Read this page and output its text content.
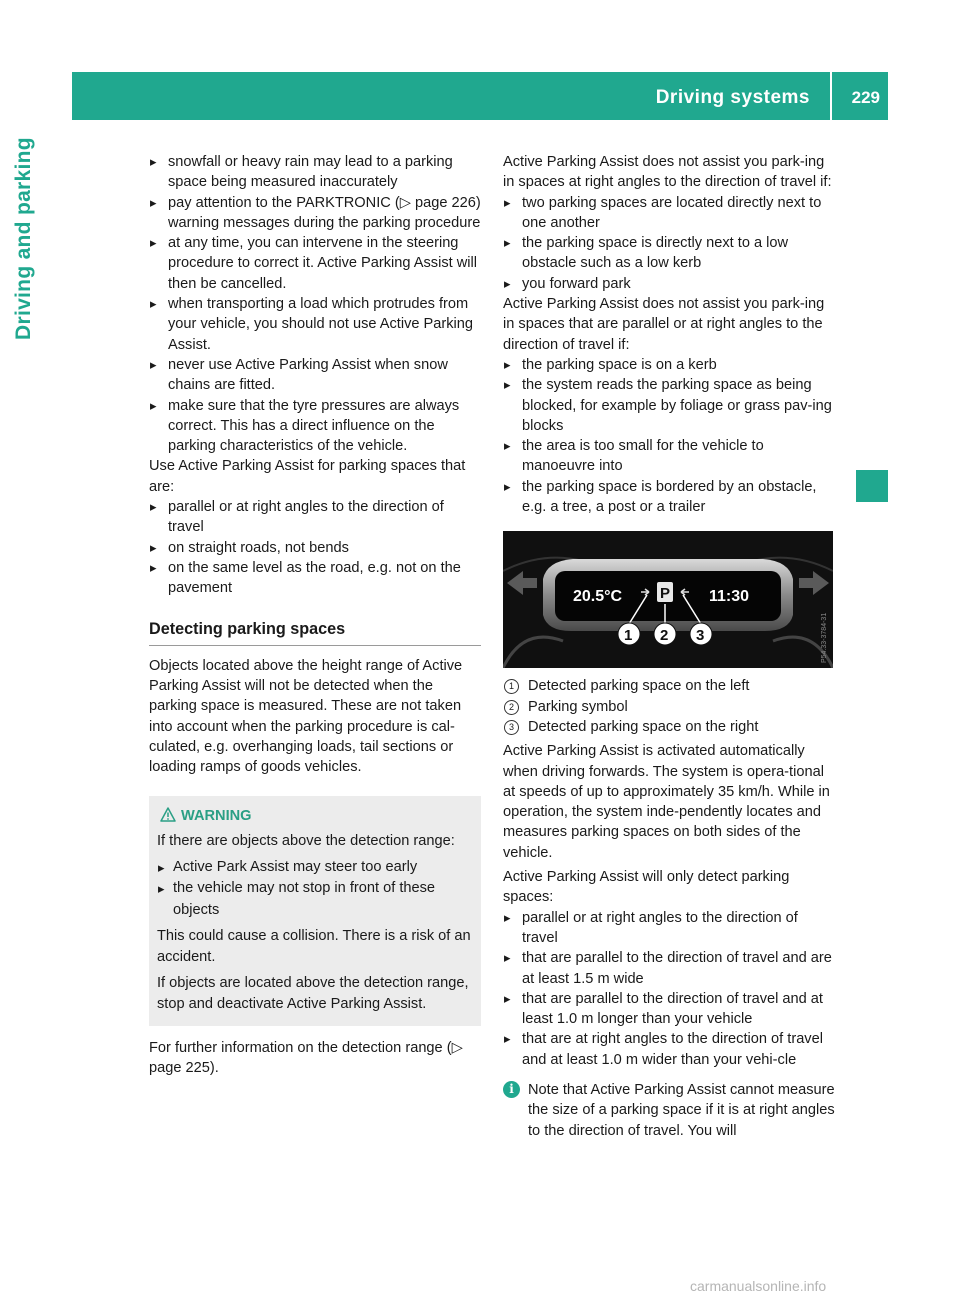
Driving systems 229
Driving and parking
▸	snowfall or heavy rain may lead to a parking space being measured inaccurately
▸ pay attention to the PARKTRONIC (▷ page 226) warning messages during the parking procedure
▸ at any time, you can intervene in the steering procedure to correct it. Active Parking Assist will then be cancelled.
▸ when transporting a load which protrudes from your vehicle, you should not use Active Parking Assist.
▸ never use Active Parking Assist when snow chains are fitted.
▸ make sure that the tyre pressures are always correct. This has a direct influence on the parking characteristics of the vehicle.

Use Active Parking Assist for parking spaces that are:

▸ parallel or at right angles to the direction of travel
▸ on straight roads, not bends
▸ on the same level as the road, e.g. not on the pavement
Detecting parking spaces

Objects located above the height range of Active Parking Assist will not be detected when the parking space is measured. These are not taken into account when the parking procedure is cal-culated, e.g. overhanging loads, tail sections or loading ramps of goods vehicles.

WARNING

If there are objects above the detection range:

▸ Active Park Assist may steer too early
▸ the vehicle may not stop in front of these objects

This could cause a collision. There is a risk of an accident.

If objects are located above the detection range, stop and deactivate Active Parking Assist.

For further information on the detection range (▷ page 225).

Active Parking Assist does not assist you park-ing in spaces at right angles to the direction of travel if:

▸ two parking spaces are located directly next to one another
▸ the parking space is directly next to a low obstacle such as a low kerb
▸ you forward park

Active Parking Assist does not assist you park-ing in spaces that are parallel or at right angles to the direction of travel if:

▸ the parking space is on a kerb
▸ the system reads the parking space as being blocked, for example by foliage or grass pav-ing blocks
▸ the area is too small for the vehicle to manoeuvre into
▸ the parking space is bordered by an obstacle, e.g. a tree, a post or a trailer
20.5°C	P 11:30
1 2 3	P54.33-3784-31
1 Detected parking space on the left
2 Parking symbol
3 Detected parking space on the right

Active Parking Assist is activated automatically when driving forwards. The system is opera-tional at speeds of up to approximately 35 km/h. While in operation, the system inde-pendently locates and measures parking spaces on both sides of the vehicle.

Active Parking Assist will only detect parking spaces:

▸ parallel or at right angles to the direction of travel
▸ that are parallel to the direction of travel and are at least 1.5 m wide
▸ that are parallel to the direction of travel and at least 1.0 m longer than your vehicle
▸ that are at right angles to the direction of travel and at least 1.0 m wider than your vehi-cle
i Note that Active Parking Assist cannot measure the size of a parking space if it is at right angles to the direction of travel. You will
carmanualsonline.info
